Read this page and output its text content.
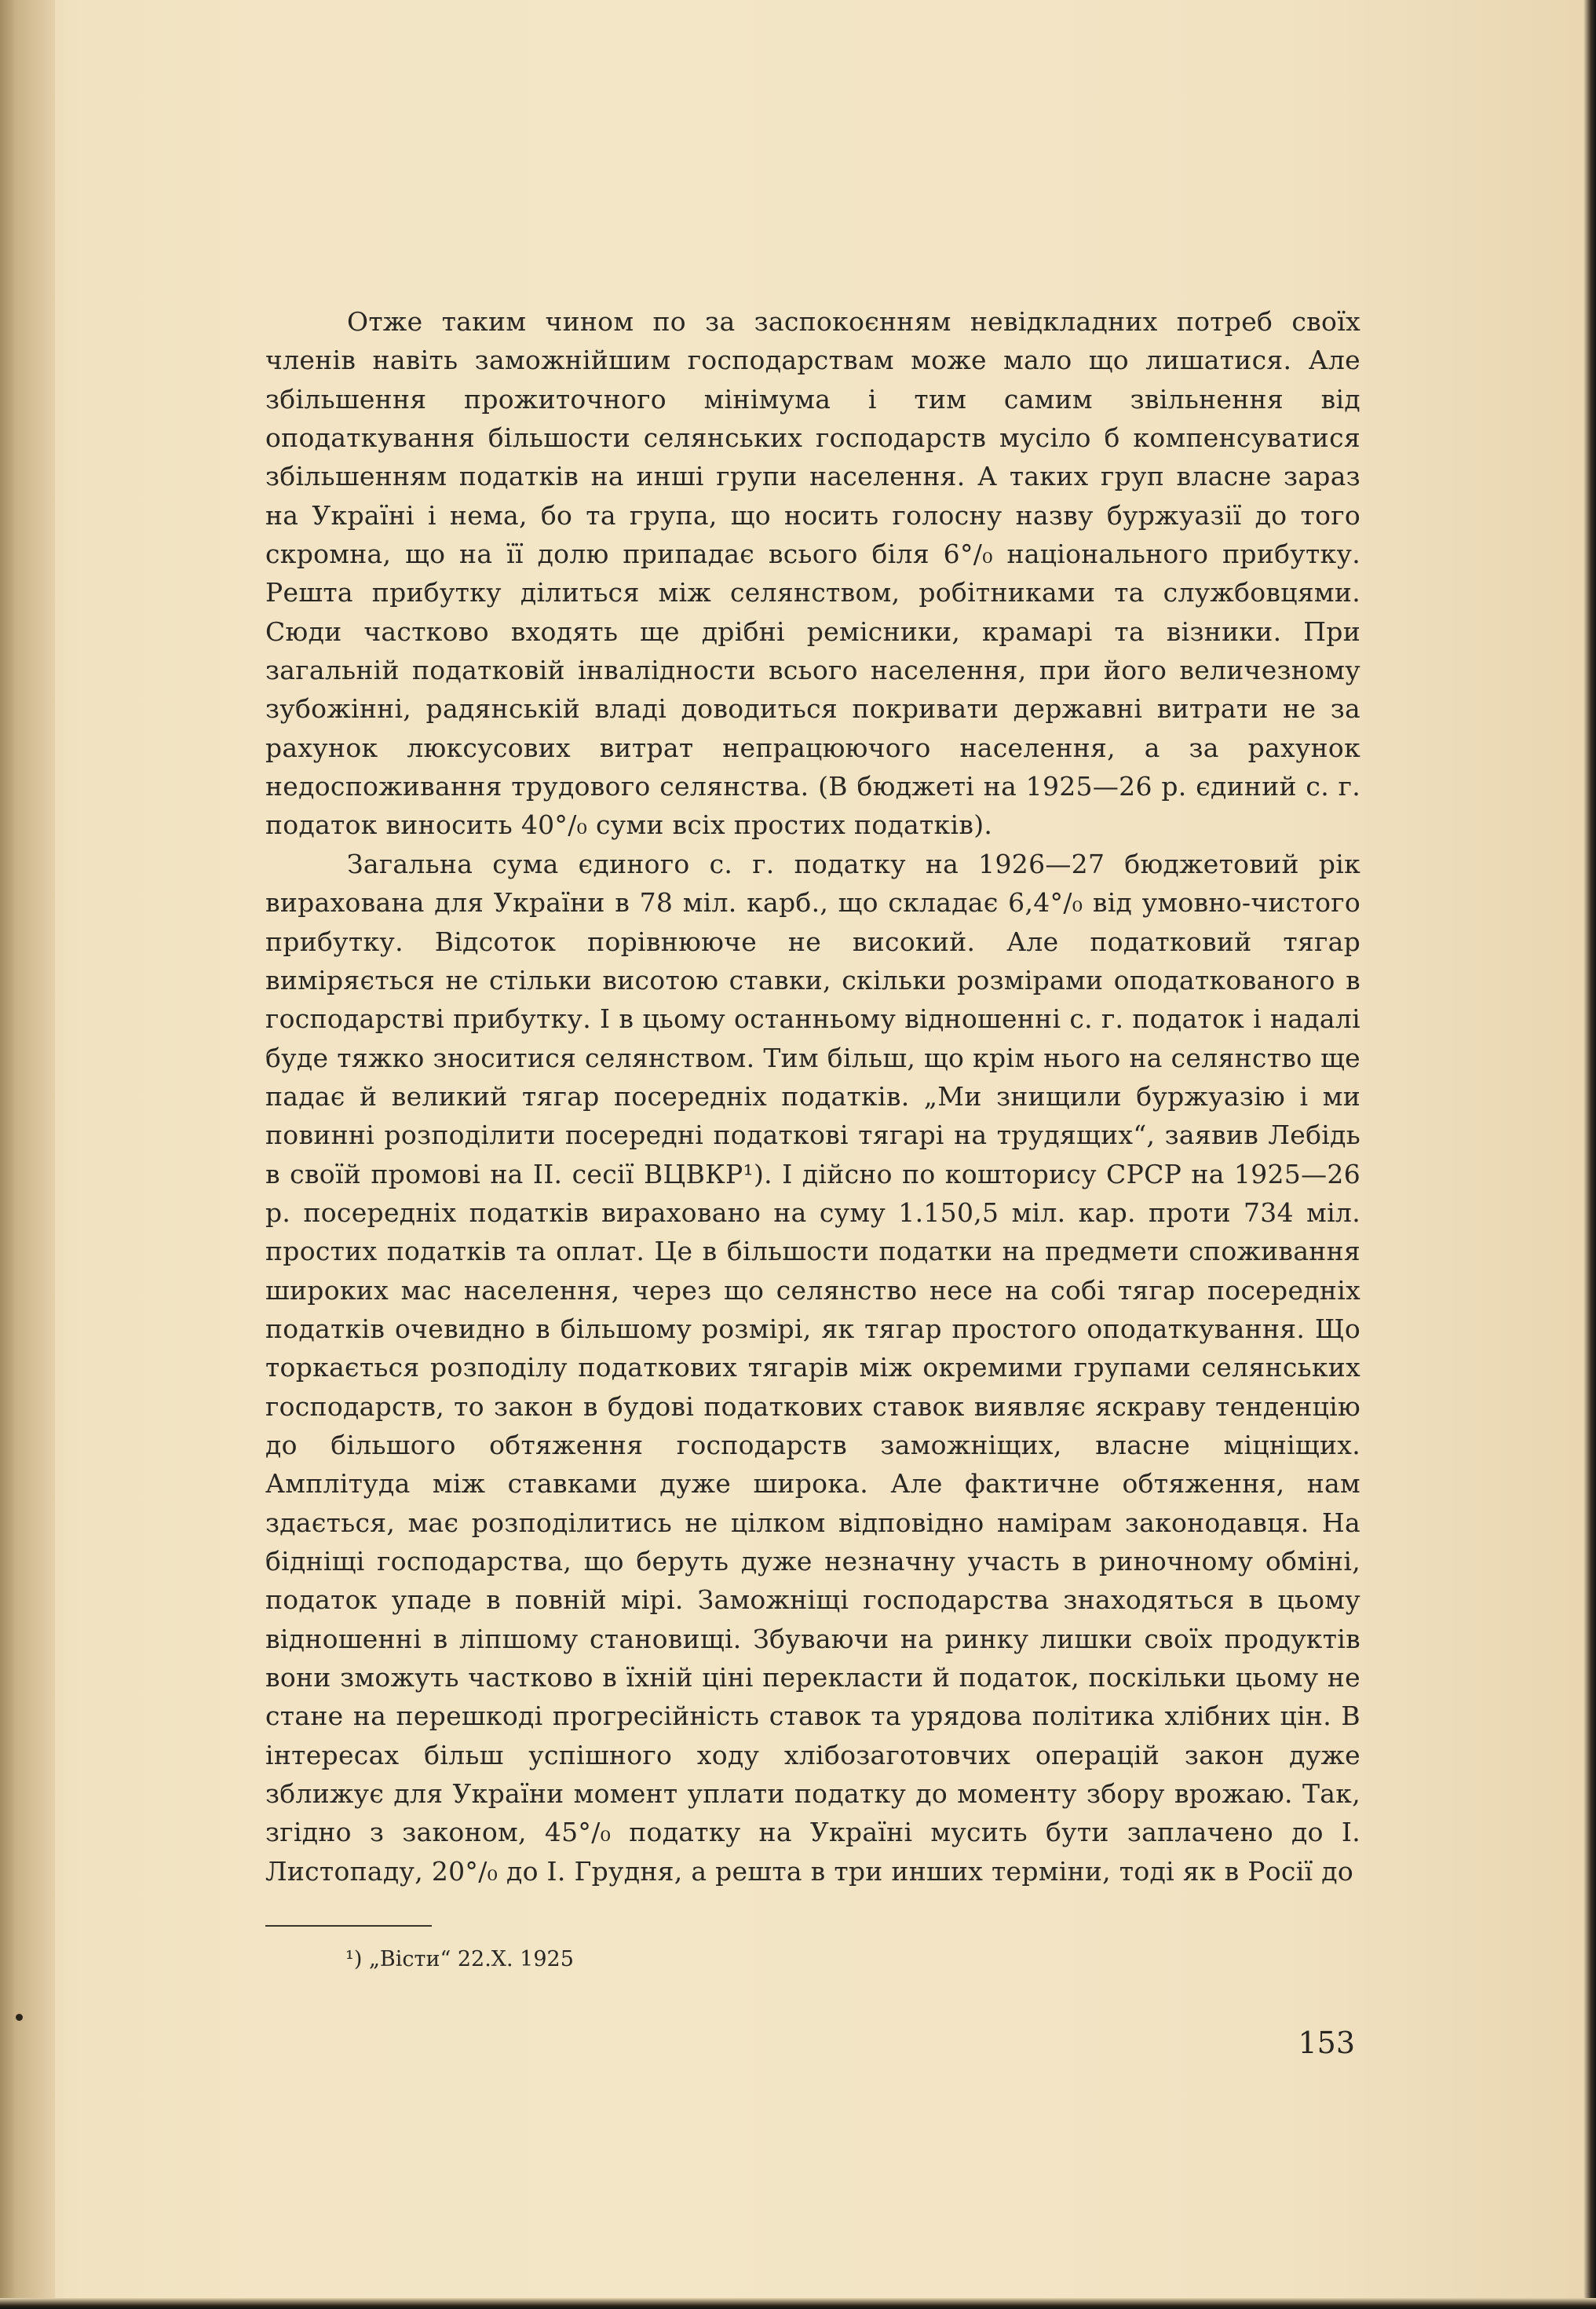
Отже таким чином по за заспокоєнням невідкладних потреб своїх членів навіть заможнійшим господарствам може мало що лишатися. Але збільшення прожиточного мінімума і тим самим звільнення від оподаткування більшости селянських господарств мусіло б компенсуватися збільшенням податків на инші групи населення. А таких груп власне зараз на Україні і нема, бо та група, що носить голосну назву буржуазії до того скромна, що на її долю припадає всього біля 6°/₀ національного прибутку. Решта прибутку ділиться між селянством, робітниками та службовцями. Сюди частково входять ще дрібні ремісники, крамарі та візники. При загальній податковій інвалідности всього населення, при його величезному зубожінні, радянській владі доводиться покривати державні витрати не за рахунок люксусових витрат непрацюючого населення, а за рахунок недоспоживання трудового селянства. (В бюджеті на 1925—26 р. єдиний с. г. податок виносить 40°/₀ суми всіх простих податків).

Загальна сума єдиного с. г. податку на 1926—27 бюджетовий рік вирахована для України в 78 міл. карб., що складає 6,4°/₀ від умовно-чистого прибутку. Відсоток порівнююче не високий. Але податковий тягар виміряється не стільки висотою ставки, скільки розмірами оподаткованого в господарстві прибутку. І в цьому останньому відношенні с. г. податок і надалі буде тяжко зноситися селянством. Тим більш, що крім нього на селянство ще падає й великий тягар посередніх податків. „Ми знищили буржуазію і ми повинні розподілити посередні податкові тягарі на трудящих“, заявив Лебідь в своїй промові на ІІ. сесії ВЦВКР¹). І дійсно по кошторису СРСР на 1925—26 р. посередніх податків вираховано на суму 1.150,5 міл. кар. проти 734 міл. простих податків та оплат. Це в більшости податки на предмети споживання широких мас населення, через що селянство несе на собі тягар посередніх податків очевидно в більшому розмірі, як тягар простого оподаткування. Що торкається розподілу податкових тягарів між окремими групами селянських господарств, то закон в будові податкових ставок виявляє яскраву тенденцію до більшого обтяження господарств заможніщих, власне міцніщих. Амплітуда між ставками дуже широка. Але фактичне обтяження, нам здається, має розподілитись не цілком відповідно намірам законодавця. На бідніщі господарства, що беруть дуже незначну участь в риночному обміні, податок упаде в повній мірі. Заможніщі господарства знаходяться в цьому відношенні в ліпшому становищі. Збуваючи на ринку лишки своїх продуктів вони зможуть частково в їхній ціні перекласти й податок, поскільки цьому не стане на перешкоді прогресійність ставок та урядова політика хлібних цін. В інтересах більш успішного ходу хлібозаготовчих операцій закон дуже зближує для України момент уплати податку до моменту збору врожаю. Так, згідно з законом, 45°/₀ податку на Україні мусить бути заплачено до І. Листопаду, 20°/₀ до І. Грудня, а решта в три инших терміни, тоді як в Росії до

¹) „Вісти“ 22.Х. 1925
153
